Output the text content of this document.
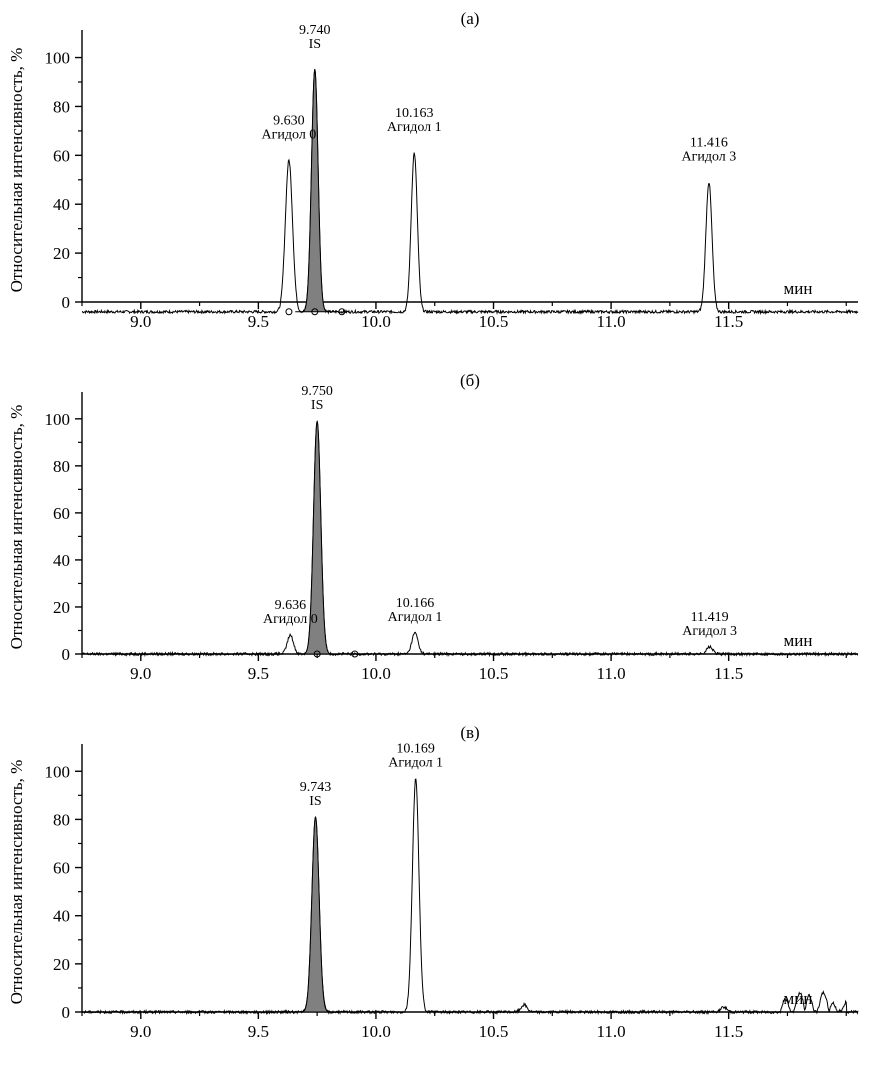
9.0	9.5	10.0	10.5	11.0	11.5
0
20
40
60
80
100
мин
Относительная интенсивность, %
(а)
9.630
Агидол 0
9.740
IS
10.163
Агидол 1
11.416
Агидол 3
9.0	9.5	10.0	10.5	11.0	11.5
0
20
40
60
80
100
мин
Относительная интенсивность, %
(б)
9.750
IS
9.636
Агидол 0
10.166
Агидол 1	11.419
Агидол 3
9.0	9.5	10.0	10.5	11.0	11.5
0
20
40
60
80
100
мин
Относительная интенсивность, %
(в)
9.743
IS
10.169
Агидол 1
